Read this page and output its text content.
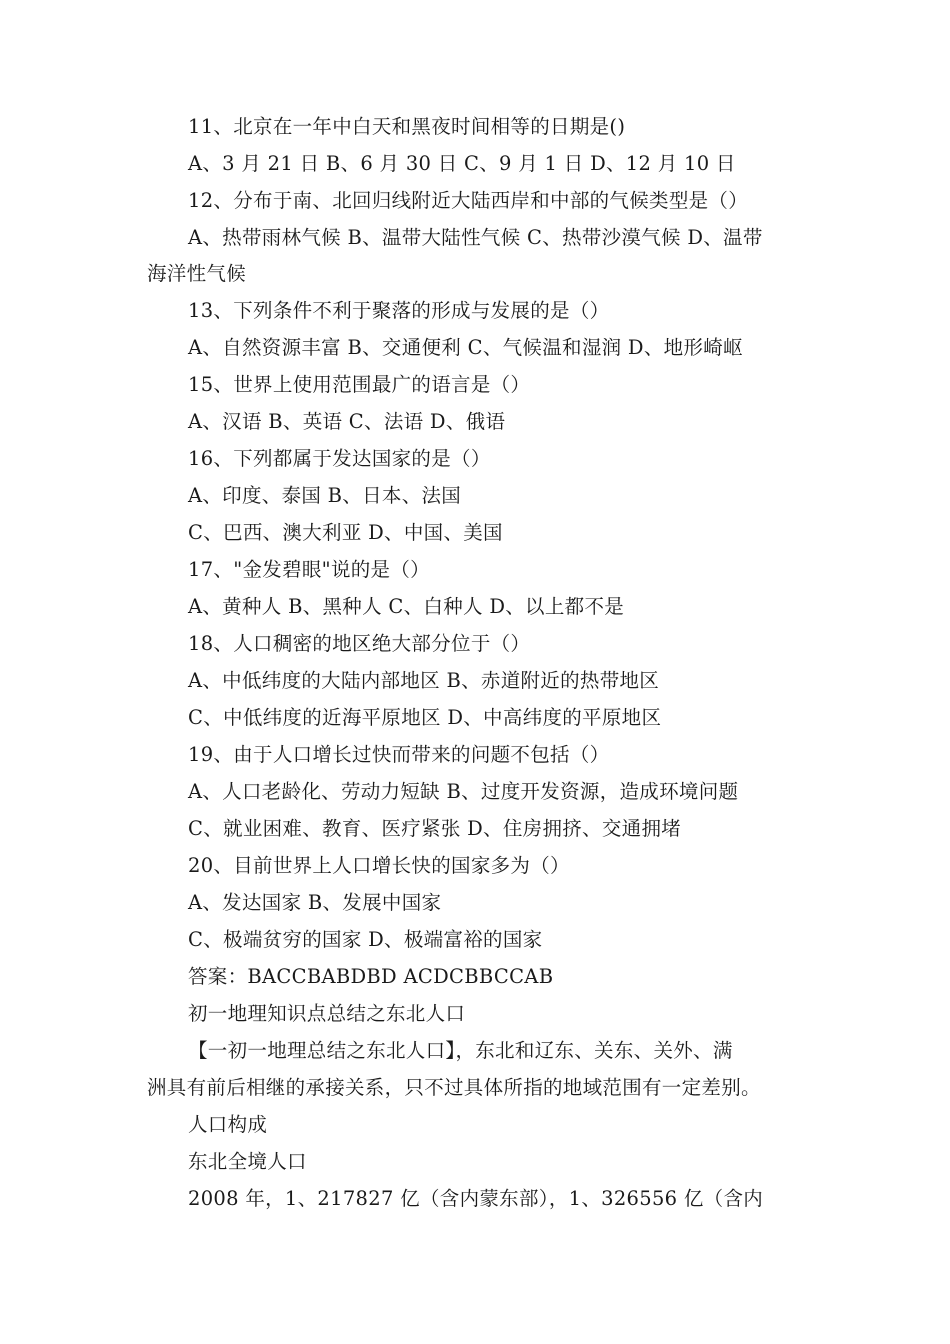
11、北京在一年中白天和黑夜时间相等的日期是()
A、3 月 21 日 B、6 月 30 日 C、9 月 1 日 D、12 月 10 日
12、分布于南、北回归线附近大陆西岸和中部的气候类型是（）
A、热带雨林气候 B、温带大陆性气候 C、热带沙漠气候 D、温带
海洋性气候
13、下列条件不利于聚落的形成与发展的是（）
A、自然资源丰富 B、交通便利 C、气候温和湿润 D、地形崎岖
15、世界上使用范围最广的语言是（）
A、汉语 B、英语 C、法语 D、俄语
16、下列都属于发达国家的是（）
A、印度、泰国 B、日本、法国
C、巴西、澳大利亚 D、中国、美国
17、"金发碧眼"说的是（）
A、黄种人 B、黑种人 C、白种人 D、以上都不是
18、人口稠密的地区绝大部分位于（）
A、中低纬度的大陆内部地区 B、赤道附近的热带地区
C、中低纬度的近海平原地区 D、中高纬度的平原地区
19、由于人口增长过快而带来的问题不包括（）
A、人口老龄化、劳动力短缺 B、过度开发资源，造成环境问题
C、就业困难、教育、医疗紧张 D、住房拥挤、交通拥堵
20、目前世界上人口增长快的国家多为（）
A、发达国家 B、发展中国家
C、极端贫穷的国家 D、极端富裕的国家
答案：BACCBABDBD ACDCBBCCAB
初一地理知识点总结之东北人口
【一初一地理总结之东北人口】，东北和辽东、关东、关外、满
洲具有前后相继的承接关系，只不过具体所指的地域范围有一定差别。
人口构成
东北全境人口
2008 年，1、217827 亿（含内蒙东部），1、326556 亿（含内
